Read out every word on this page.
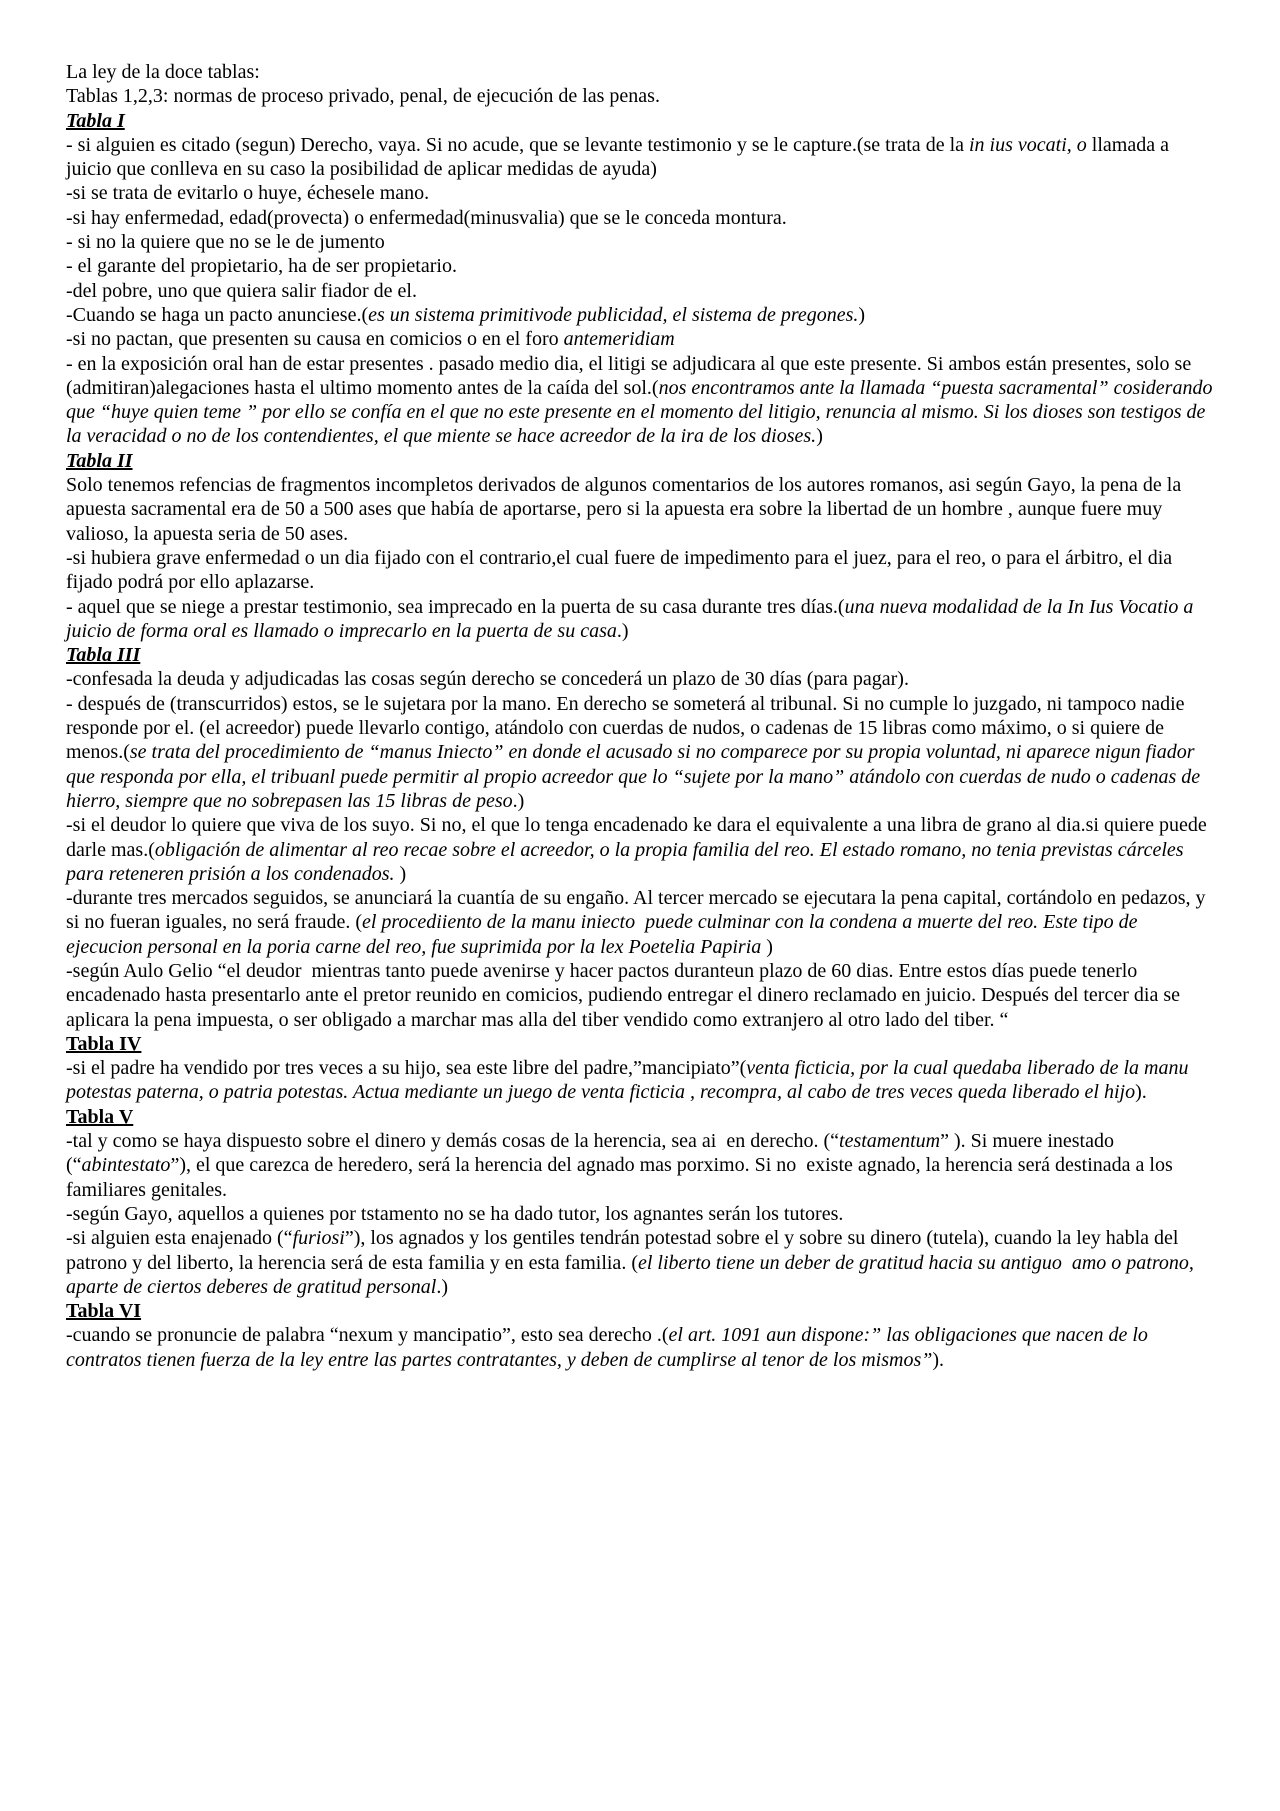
La ley de la doce tablas:
Tablas 1,2,3: normas de proceso privado, penal, de ejecución de las penas.
Tabla I
- si alguien es citado (segun) Derecho, vaya. Si no acude, que se levante testimonio y se le capture.(se trata de la in ius vocati, o llamada a juicio que conlleva en su caso la posibilidad de aplicar medidas de ayuda)
-si se trata de evitarlo o huye, échesele mano.
-si hay enfermedad, edad(provecta) o enfermedad(minusvalia) que se le conceda montura.
- si no la quiere que no se le de jumento
- el garante del propietario, ha de ser propietario.
-del pobre, uno que quiera salir fiador de el.
-Cuando se haga un pacto anunciese.(es un sistema primitivode publicidad, el sistema de pregones.)
-si no pactan, que presenten su causa en comicios o en el foro antemeridiam
- en la exposición oral han de estar presentes . pasado medio dia, el litigi se adjudicara al que este presente. Si ambos están presentes, solo se (admitiran)alegaciones hasta el ultimo momento antes de la caída del sol.(nos encontramos ante la llamada “puesta sacramental” cosiderando que “huye quien teme ” por ello se confía en el que no este presente en el momento del litigio, renuncia al mismo. Si los dioses son testigos de la veracidad o no de los contendientes, el que miente se hace acreedor de la ira de los dioses.)
Tabla II
Solo tenemos refencias de fragmentos incompletos derivados de algunos comentarios de los autores romanos, asi según Gayo, la pena de la apuesta sacramental era de 50 a 500 ases que había de aportarse, pero si la apuesta era sobre la libertad de un hombre , aunque fuere muy valioso, la apuesta seria de 50 ases.
-si hubiera grave enfermedad o un dia fijado con el contrario,el cual fuere de impedimento para el juez, para el reo, o para el árbitro, el dia fijado podrá por ello aplazarse.
- aquel que se niege a prestar testimonio, sea imprecado en la puerta de su casa durante tres días.(una nueva modalidad de la In Ius Vocatio a juicio de forma oral es llamado o imprecarlo en la puerta de su casa.)
Tabla III
-confesada la deuda y adjudicadas las cosas según derecho se concederá un plazo de 30 días (para pagar).
- después de (transcurridos) estos, se le sujetara por la mano. En derecho se someterá al tribunal. Si no cumple lo juzgado, ni tampoco nadie responde por el. (el acreedor) puede llevarlo contigo, atándolo con cuerdas de nudos, o cadenas de 15 libras como máximo, o si quiere de menos.(se trata del procedimiento de “manus Iniecto” en donde el acusado si no comparece por su propia voluntad, ni aparece nigun fiador que responda por ella, el tribuanl puede permitir al propio acreedor que lo “sujete por la mano” atándolo con cuerdas de nudo o cadenas de hierro, siempre que no sobrepasen las 15 libras de peso.)
-si el deudor lo quiere que viva de los suyo. Si no, el que lo tenga encadenado ke dara el equivalente a una libra de grano al dia.si quiere puede darle mas.(obligación de alimentar al reo recae sobre el acreedor, o la propia familia del reo. El estado romano, no tenia previstas cárceles para reteneren prisión a los condenados. )
-durante tres mercados seguidos, se anunciará la cuantía de su engaño. Al tercer mercado se ejecutara la pena capital, cortándolo en pedazos, y si no fueran iguales, no será fraude. (el procediiento de la manu iniecto  puede culminar con la condena a muerte del reo. Este tipo de ejecucion personal en la poria carne del reo, fue suprimida por la lex Poetelia Papiria )
-según Aulo Gelio “el deudor  mientras tanto puede avenirse y hacer pactos duranteun plazo de 60 dias. Entre estos días puede tenerlo encadenado hasta presentarlo ante el pretor reunido en comicios, pudiendo entregar el dinero reclamado en juicio. Después del tercer dia se aplicara la pena impuesta, o ser obligado a marchar mas alla del tiber vendido como extranjero al otro lado del tiber. “
Tabla IV
-si el padre ha vendido por tres veces a su hijo, sea este libre del padre,”mancipiato”(venta ficticia, por la cual quedaba liberado de la manu potestas paterna, o patria potestas. Actua mediante un juego de venta ficticia , recompra, al cabo de tres veces queda liberado el hijo).
Tabla V
-tal y como se haya dispuesto sobre el dinero y demás cosas de la herencia, sea ai  en derecho. (“testamentum” ). Si muere inestado (“abintestato”), el que carezca de heredero, será la herencia del agnado mas porximo. Si no  existe agnado, la herencia será destinada a los familiares genitales.
-según Gayo, aquellos a quienes por tstamento no se ha dado tutor, los agnantes serán los tutores.
-si alguien esta enajenado (“furiosi”), los agnados y los gentiles tendrán potestad sobre el y sobre su dinero (tutela), cuando la ley habla del patrono y del liberto, la herencia será de esta familia y en esta familia. (el liberto tiene un deber de gratitud hacia su antiguo  amo o patrono, aparte de ciertos deberes de gratitud personal.)
Tabla VI
-cuando se pronuncie de palabra “nexum y mancipatio”, esto sea derecho .(el art. 1091 aun dispone:” las obligaciones que nacen de lo contratos tienen fuerza de la ley entre las partes contratantes, y deben de cumplirse al tenor de los mismos”).
